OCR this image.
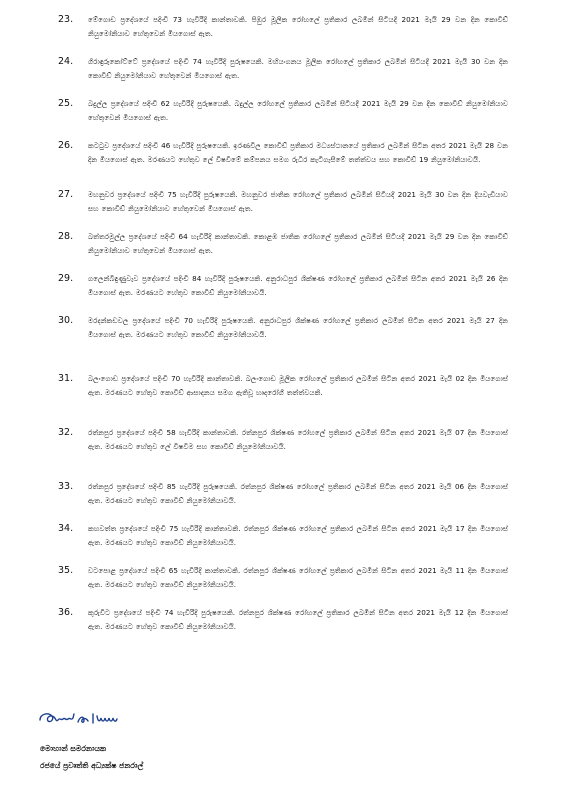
23.	මේගොඩ ප්‍රදේශයේ පදිංචි 73 හැවිරිදි කාන්තාවකි. පිඹුර මූලික රෝහලේ ප්‍රතිකාර ලබමින් සිටියදී 2021 මැයි 29 වන දින කොවිඩ් නියුමෝනියාව හේතුවෙන් මියගොස් ඇත.
24.	ගිරාඳුරුකෝට්ටේ ප්‍රදේශයේ පදිංචි 74 හැවිරිදි පුරුෂයෙකි. මහියංගනය මූලික රෝහලේ ප්‍රතිකාර ලබමින් සිටියදී 2021 මැයි 30 වන දින කොවිඩ් නියුමෝනියාව හේතුවෙන් මියගොස් ඇත.
25.	බදුල්ල ප්‍රදේශයේ පදිංචි 62 හැවිරිදි පුරුෂයෙකි. බදුල්ල රෝහලේ ප්‍රතිකාර ලබමින් සිටියදී 2021 මැයි 29 වන දින කොවිඩ් නියුමෝනියාව හේතුවෙන් මියගොස් ඇත.
26.	කටටුව ප්‍රදේශයේ පදිංචි 46 හැවිරිදි පුරුෂයෙකි. ඉරණවිල කොවිඩ් ප්‍රතිකාර මධ්‍යස්ථානයේ ප්‍රතිකාර ලබමින් සිටින අතර 2021 මැයි 28 වන දින මියගොස් ඇත. මරණයට හේතුව ලේ විෂවීමේ කම්පනය සමග රුධිර කැටිගැසීමේ තත්ත්වය සහ කොවිඩ් 19 නියුමෝනියාවයි.
27.	මහනුවර ප්‍රදේශයේ පදිංචි 75 හැවිරිදි පුරුෂයෙකි. මහනුවර ජාතික රෝහලේ ප්‍රතිකාර ලබමින් සිටියදී 2021 මැයි 30 වන දින දියවැඩියාව සහ කොවිඩ් නියුමෝනියාව හේතුවෙන් මියගොස් ඇත.
28.	බත්තරමුල්ල ප්‍රදේශයේ පදිංචි 64 හැවිරිදි කාන්තාවකි. කොළඹ ජාතික රෝහලේ ප්‍රතිකාර ලබමින් සිටියදී 2021 මැයි 29 වන දින කොවිඩ් නියුමෝනියාව හේතුවෙන් මියගොස් ඇත.
29.	ගලෙන්බිඳුණුවැව ප්‍රදේශයේ පදිංචි 84 හැවිරිදි පුරුෂයෙකි. අනුරාධපුර ශික්ෂණ රෝහලේ ප්‍රතිකාර ලබමින් සිටින අතර 2021 මැයි 26 දින මියගොස් ඇත. මරණයට හේතුව කොවිඩ් නියුමෝනියාවයි.
30.	මරදන්කඩවල ප්‍රදේශයේ පදිංචි 70 හැවිරිදි පුරුෂයෙකි. අනුරාධපුර ශික්ෂණ රෝහලේ ප්‍රතිකාර ලබමින් සිටින අතර 2021 මැයි 27 දින මියගොස් ඇත. මරණයට හේතුව කොවිඩ් නියුමෝනියාවයි.
31.	බලංගොඩ ප්‍රදේශයේ පදිංචි 70 හැවිරිදි කාන්තාවකි. බලංගොඩ මූලික රෝහලේ ප්‍රතිකාර ලබමින් සිටින අතර 2021 මැයි 02 දින මියගොස් ඇත. මරණයට හේතුව කොවිඩ් ආසාදනය සමග ඇතිවූ හෘදරෝගී තත්ත්වයකි.
32.	රත්නපුර ප්‍රදේශයේ පදිංචි 58 හැවිරිදි කාන්තාවකි. රත්නපුර ශික්ෂණ රෝහලේ ප්‍රතිකාර ලබමින් සිටින අතර 2021 මැයි 07 දින මියගොස් ඇත. මරණයට හේතුව ලේ විෂවීම සහ කොවිඩ් නියුමෝනියාවයි.
33.	රත්නපුර ප්‍රදේශයේ පදිංචි 85 හැවිරිදි පුරුෂයෙකි. රත්නපුර ශික්ෂණ රෝහලේ ප්‍රතිකාර ලබමින් සිටින අතර 2021 මැයි 06 දින මියගොස් ඇත. මරණයට හේතුව කොවිඩ් නියුමෝනියාවයි.
34.	කහවත්ත ප්‍රදේශයේ පදිංචි 75 හැවිරිදි කාන්තාවකි. රත්නපුර ශික්ෂණ රෝහලේ ප්‍රතිකාර ලබමින් සිටින අතර 2021 මැයි 17 දින මියගොස් ඇත. මරණයට හේතුව කොවිඩ් නියුමෝනියාවයි.
35.	වටපොළ ප්‍රදේශයේ පදිංචි 65 හැවිරිදි කාන්තාවකි. රත්නපුර ශික්ෂණ රෝහලේ ප්‍රතිකාර ලබමින් සිටින අතර 2021 මැයි 11 දින මියගොස් ඇත. මරණයට හේතුව කොවිඩ් නියුමෝනියාවයි.
36.	කුරුවිට ප්‍රදේශයේ පදිංචි 74 හැවිරිදි පුරුෂයෙකි. රත්නපුර ශික්ෂණ රෝහලේ ප්‍රතිකාර ලබමින් සිටින අතර 2021 මැයි 12 දින මියගොස් ඇත. මරණයට හේතුව කොවිඩ් නියුමෝනියාවයි.
මොහාන් සමරනායක
රජයේ ප්‍රවෘත්ති අධ්‍යක්ෂ ජනරාල්
